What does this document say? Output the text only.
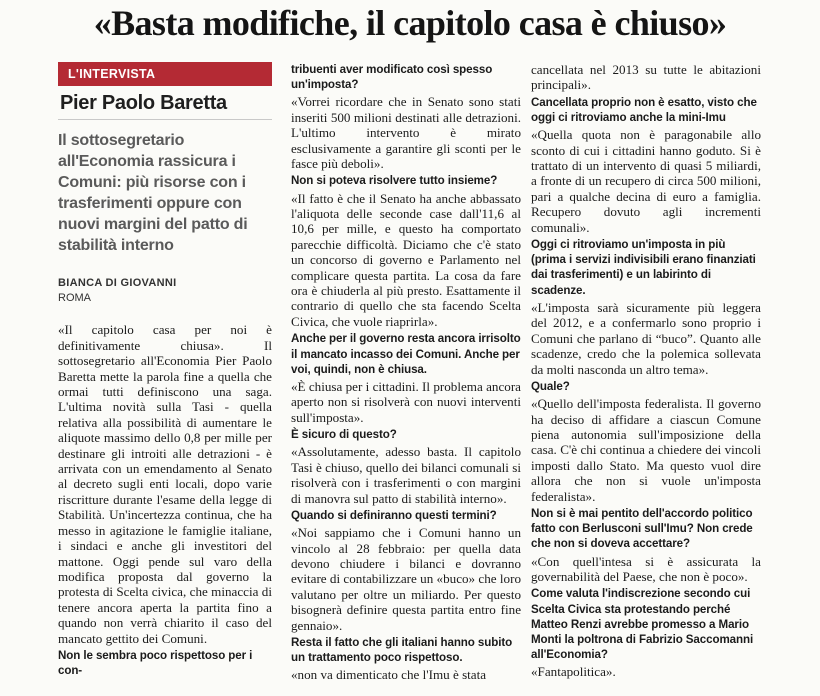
«Basta modifiche, il capitolo casa è chiuso»
L'INTERVISTA
Pier Paolo Baretta
Il sottosegretario all'Economia rassicura i Comuni: più risorse con i trasferimenti oppure con nuovi margini del patto di stabilità interno
BIANCA DI GIOVANNI
ROMA

«Il capitolo casa per noi è definitivamente chiusa». Il sottosegretario all'Economia Pier Paolo Baretta mette la parola fine a quella che ormai tutti definiscono una saga. L'ultima novità sulla Tasi - quella relativa alla possibilità di aumentare le aliquote massimo dello 0,8 per mille per destinare gli introiti alle detrazioni - è arrivata con un emendamento al Senato al decreto sugli enti locali, dopo varie riscritture durante l'esame della legge di Stabilità. Un'incertezza continua, che ha messo in agitazione le famiglie italiane, i sindaci e anche gli investitori del mattone. Oggi pende sul varo della modifica proposta dal governo la protesta di Scelta civica, che minaccia di tenere ancora aperta la partita fino a quando non verrà chiarito il caso del mancato gettito dei Comuni.

Non le sembra poco rispettoso per i con-

tribuenti aver modificato così spesso un'imposta?

«Vorrei ricordare che in Senato sono stati inseriti 500 milioni destinati alle detrazioni. L'ultimo intervento è mirato esclusivamente a garantire gli sconti per le fasce più deboli».

Non si poteva risolvere tutto insieme?

«Il fatto è che il Senato ha anche abbassato l'aliquota delle seconde case dall'11,6 al 10,6 per mille, e questo ha comportato parecchie difficoltà. Diciamo che c'è stato un concorso di governo e Parlamento nel complicare questa partita. La cosa da fare ora è chiuderla al più presto. Esattamente il contrario di quello che sta facendo Scelta Civica, che vuole riaprirla».

Anche per il governo resta ancora irrisolto il mancato incasso dei Comuni. Anche per voi, quindi, non è chiusa.

«È chiusa per i cittadini. Il problema ancora aperto non si risolverà con nuovi interventi sull'imposta».

È sicuro di questo?

«Assolutamente, adesso basta. Il capitolo Tasi è chiuso, quello dei bilanci comunali si risolverà con i trasferimenti o con margini di manovra sul patto di stabilità interno».

Quando si definiranno questi termini?

«Noi sappiamo che i Comuni hanno un vincolo al 28 febbraio: per quella data devono chiudere i bilanci e dovranno evitare di contabilizzare un «buco» che loro valutano per oltre un miliardo. Per questo bisognerà definire questa partita entro fine gennaio».

Resta il fatto che gli italiani hanno subito un trattamento poco rispettoso.

«non va dimenticato che l'Imu è stata

cancellata nel 2013 su tutte le abitazioni principali».

Cancellata proprio non è esatto, visto che oggi ci ritroviamo anche la mini-Imu

«Quella quota non è paragonabile allo sconto di cui i cittadini hanno goduto. Si è trattato di un intervento di quasi 5 miliardi, a fronte di un recupero di circa 500 milioni, pari a qualche decina di euro a famiglia. Recupero dovuto agli incrementi comunali».

Oggi ci ritroviamo un'imposta in più (prima i servizi indivisibili erano finanziati dai trasferimenti) e un labirinto di scadenze.

«L'imposta sarà sicuramente più leggera del 2012, e a confermarlo sono proprio i Comuni che parlano di “buco”. Quanto alle scadenze, credo che la polemica sollevata da molti nasconda un altro tema».

Quale?

«Quello dell'imposta federalista. Il governo ha deciso di affidare a ciascun Comune piena autonomia sull'imposizione della casa. C'è chi continua a chiedere dei vincoli imposti dallo Stato. Ma questo vuol dire allora che non si vuole un'imposta federalista».

Non si è mai pentito dell'accordo politico fatto con Berlusconi sull'Imu? Non crede che non si doveva accettare?

«Con quell'intesa si è assicurata la governabilità del Paese, che non è poco».

Come valuta l'indiscrezione secondo cui Scelta Civica sta protestando perché Matteo Renzi avrebbe promesso a Mario Monti la poltrona di Fabrizio Saccomanni all'Economia?

«Fantapolitica».
